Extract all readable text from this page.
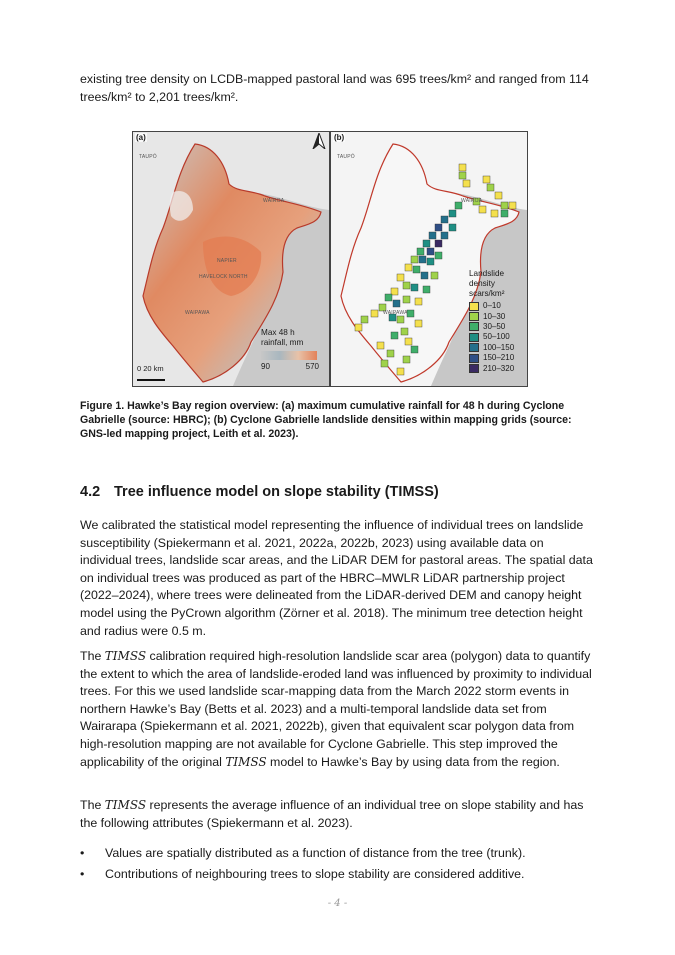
existing tree density on LCDB-mapped pastoral land was 695 trees/km² and ranged from 114 trees/km² to 2,201 trees/km².

(a)
TAUPŌ
WAIROA
NAPIER
HAVELOCK NORTH
WAIPAWA
Max 48 h rainfall, mm
90	570
0 20 km
(b)
TAUPŌ
WAIROA
WAIPAWA
Landslide density scars/km²
0–10
10–30
30–50
50–100
100–150
150–210
210–320

Figure 1. Hawke’s Bay region overview: (a) maximum cumulative rainfall for 48 h during Cyclone Gabrielle (source: HBRC); (b) Cyclone Gabrielle landslide densities within mapping grids (source: GNS-led mapping project, Leith et al. 2023).

4.2 Tree influence model on slope stability (TIMSS)

We calibrated the statistical model representing the influence of individual trees on landslide susceptibility (Spiekermann et al. 2021, 2022a, 2022b, 2023) using available data on individual trees, landslide scar areas, and the LiDAR DEM for pastoral areas. The spatial data on individual trees was produced as part of the HBRC–MWLR LiDAR partnership project (2022–2024), where trees were delineated from the LiDAR-derived DEM and canopy height model using the PyCrown algorithm (Zörner et al. 2018). The minimum tree detection height and radius were 0.5 m.

The TIMSS calibration required high-resolution landslide scar area (polygon) data to quantify the extent to which the area of landslide-eroded land was influenced by proximity to individual trees. For this we used landslide scar-mapping data from the March 2022 storm events in northern Hawke’s Bay (Betts et al. 2023) and a multi-temporal landslide data set from Wairarapa (Spiekermann et al. 2021, 2022b), given that equivalent scar polygon data from high-resolution mapping are not available for Cyclone Gabrielle. This step improved the applicability of the original TIMSS model to Hawke’s Bay by using data from the region.

The TIMSS represents the average influence of an individual tree on slope stability and has the following attributes (Spiekermann et al. 2023).

• Values are spatially distributed as a function of distance from the tree (trunk).
• Contributions of neighbouring trees to slope stability are considered additive.
- 4 -
